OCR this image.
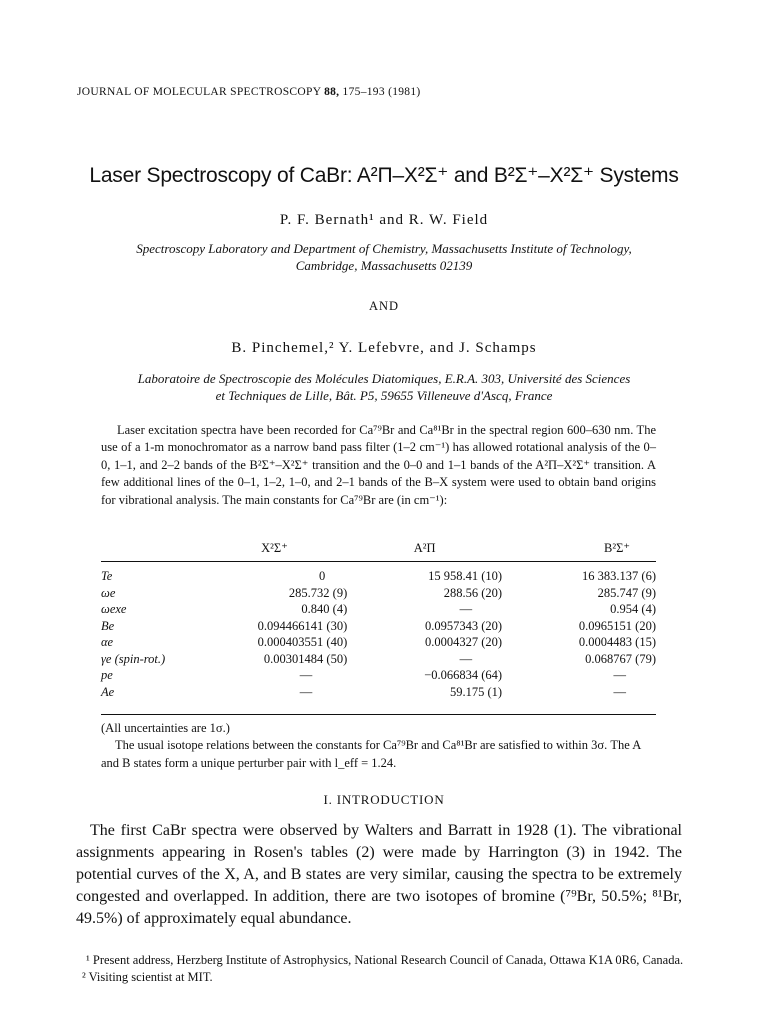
JOURNAL OF MOLECULAR SPECTROSCOPY 88, 175–193 (1981)
Laser Spectroscopy of CaBr: A²Π–X²Σ⁺ and B²Σ⁺–X²Σ⁺ Systems
P. F. Bernath¹ and R. W. Field
Spectroscopy Laboratory and Department of Chemistry, Massachusetts Institute of Technology,
Cambridge, Massachusetts 02139
AND
B. Pinchemel,² Y. Lefebvre, and J. Schamps
Laboratoire de Spectroscopie des Molécules Diatomiques, E.R.A. 303, Université des Sciences
et Techniques de Lille, Bât. P5, 59655 Villeneuve d'Ascq, France

Laser excitation spectra have been recorded for Ca⁷⁹Br and Ca⁸¹Br in the spectral region 600–630 nm. The use of a 1-m monochromator as a narrow band pass filter (1–2 cm⁻¹) has allowed rotational analysis of the 0–0, 1–1, and 2–2 bands of the B²Σ⁺–X²Σ⁺ transition and the 0–0 and 1–1 bands of the A²Π–X²Σ⁺ transition. A few additional lines of the 0–1, 1–2, 1–0, and 2–1 bands of the B–X system were used to obtain band origins for vibrational analysis. The main constants for Ca⁷⁹Br are (in cm⁻¹):

	X²Σ⁺	A²Π	B²Σ⁺
Te	0	15 958.41 (10)	16 383.137 (6)
ωe	285.732 (9)	288.56 (20)	285.747 (9)
ωexe	0.840 (4)	—	0.954 (4)
Be	0.094466141 (30)	0.0957343 (20)	0.0965151 (20)
αe	0.000403551 (40)	0.0004327 (20)	0.0004483 (15)
γe (spin-rot.)	0.00301484 (50)	—	0.068767 (79)
pe	—	−0.066834 (64)	—
Ae	—	59.175 (1)	—

(All uncertainties are 1σ.)

The usual isotope relations between the constants for Ca⁷⁹Br and Ca⁸¹Br are satisfied to within 3σ. The A and B states form a unique perturber pair with l_eff = 1.24.

I. INTRODUCTION

The first CaBr spectra were observed by Walters and Barratt in 1928 (1). The vibrational assignments appearing in Rosen's tables (2) were made by Harrington (3) in 1942. The potential curves of the X, A, and B states are very similar, causing the spectra to be extremely congested and overlapped. In addition, there are two isotopes of bromine (⁷⁹Br, 50.5%; ⁸¹Br, 49.5%) of approximately equal abundance.

¹ Present address, Herzberg Institute of Astrophysics, National Research Council of Canada, Ottawa K1A 0R6, Canada.

² Visiting scientist at MIT.
